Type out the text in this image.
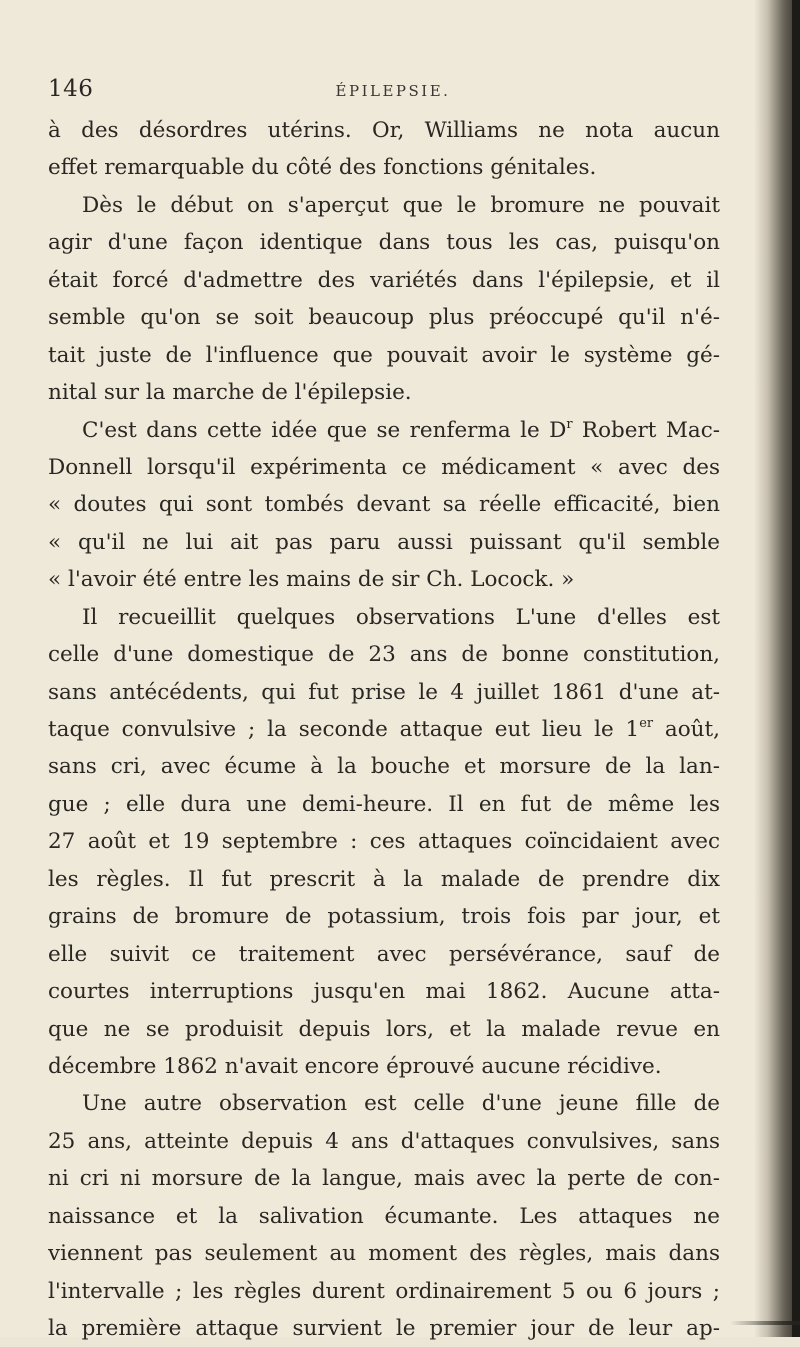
146	ÉPILEPSIE.
à des désordres utérins. Or, Williams ne nota aucun
effet remarquable du côté des fonctions génitales.
Dès le début on s'aperçut que le bromure ne pouvait
agir d'une façon identique dans tous les cas, puisqu'on
était forcé d'admettre des variétés dans l'épilepsie, et il
semble qu'on se soit beaucoup plus préoccupé qu'il n'é-
tait juste de l'influence que pouvait avoir le système gé-
nital sur la marche de l'épilepsie.
C'est dans cette idée que se renferma le $D^r$ Robert Mac-
Donnell lorsqu'il expérimenta ce médicament « avec des
« doutes qui sont tombés devant sa réelle efficacité, bien
« qu'il ne lui ait pas paru aussi puissant qu'il semble
« l'avoir été entre les mains de sir Ch. Locock. »
Il recueillit quelques observations L'une d'elles est
celle d'une domestique de 23 ans de bonne constitution,
sans antécédents, qui fut prise le 4 juillet 1861 d'une at-
taque convulsive ; la seconde attaque eut lieu le 1er août,
sans cri, avec écume à la bouche et morsure de la lan-
gue ; elle dura une demi-heure. Il en fut de même les
27 août et 19 septembre : ces attaques coïncidaient avec
les règles. Il fut prescrit à la malade de prendre dix
grains de bromure de potassium, trois fois par jour, et
elle suivit ce traitement avec persévérance, sauf de
courtes interruptions jusqu'en mai 1862. Aucune atta-
que ne se produisit depuis lors, et la malade revue en
décembre 1862 n'avait encore éprouvé aucune récidive.
Une autre observation est celle d'une jeune fille de
25 ans, atteinte depuis 4 ans d'attaques convulsives, sans
ni cri ni morsure de la langue, mais avec la perte de con-
naissance et la salivation écumante. Les attaques ne
viennent pas seulement au moment des règles, mais dans
l'intervalle ; les règles durent ordinairement 5 ou 6 jours ;
la première attaque survient le premier jour de leur ap-
